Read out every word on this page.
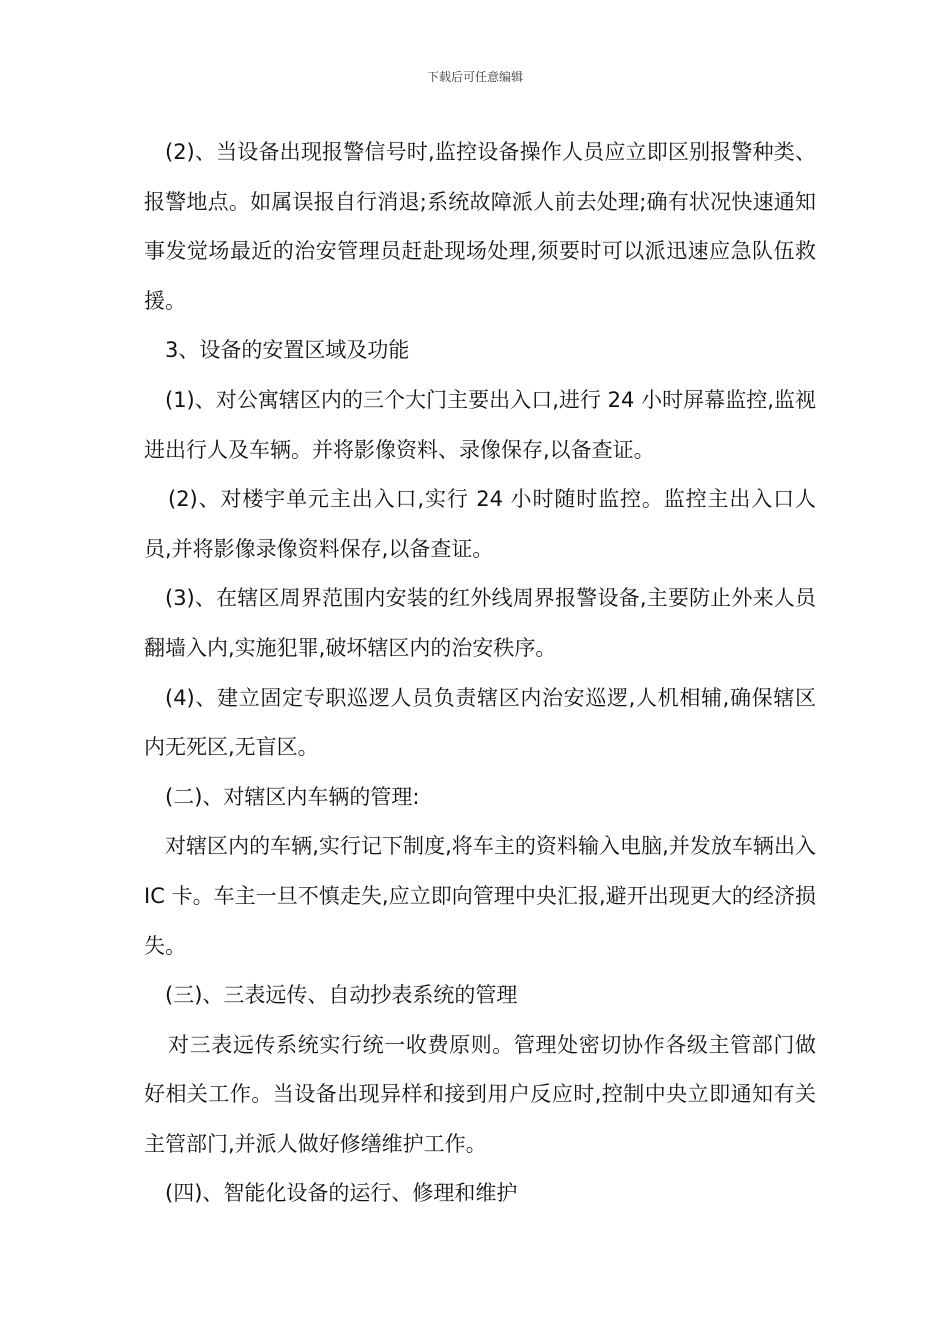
下载后可任意编辑

(2)、当设备出现报警信号时,监控设备操作人员应立即区别报警种类、报警地点。如属误报自行消退;系统故障派人前去处理;确有状况快速通知事发觉场最近的治安管理员赶赴现场处理,须要时可以派迅速应急队伍救援。

3、设备的安置区域及功能

(1)、对公寓辖区内的三个大门主要出入口,进行 24 小时屏幕监控,监视进出行人及车辆。并将影像资料、录像保存,以备查证。

(2)、对楼宇单元主出入口,实行 24 小时随时监控。监控主出入口人员,并将影像录像资料保存,以备查证。

(3)、在辖区周界范围内安装的红外线周界报警设备,主要防止外来人员翻墙入内,实施犯罪,破坏辖区内的治安秩序。

(4)、建立固定专职巡逻人员负责辖区内治安巡逻,人机相辅,确保辖区内无死区,无盲区。

(二)、对辖区内车辆的管理:

对辖区内的车辆,实行记下制度,将车主的资料输入电脑,并发放车辆出入 IC 卡。车主一旦不慎走失,应立即向管理中央汇报,避开出现更大的经济损失。

(三)、三表远传、自动抄表系统的管理

对三表远传系统实行统一收费原则。管理处密切协作各级主管部门做好相关工作。当设备出现异样和接到用户反应时,控制中央立即通知有关主管部门,并派人做好修缮维护工作。

(四)、智能化设备的运行、修理和维护
